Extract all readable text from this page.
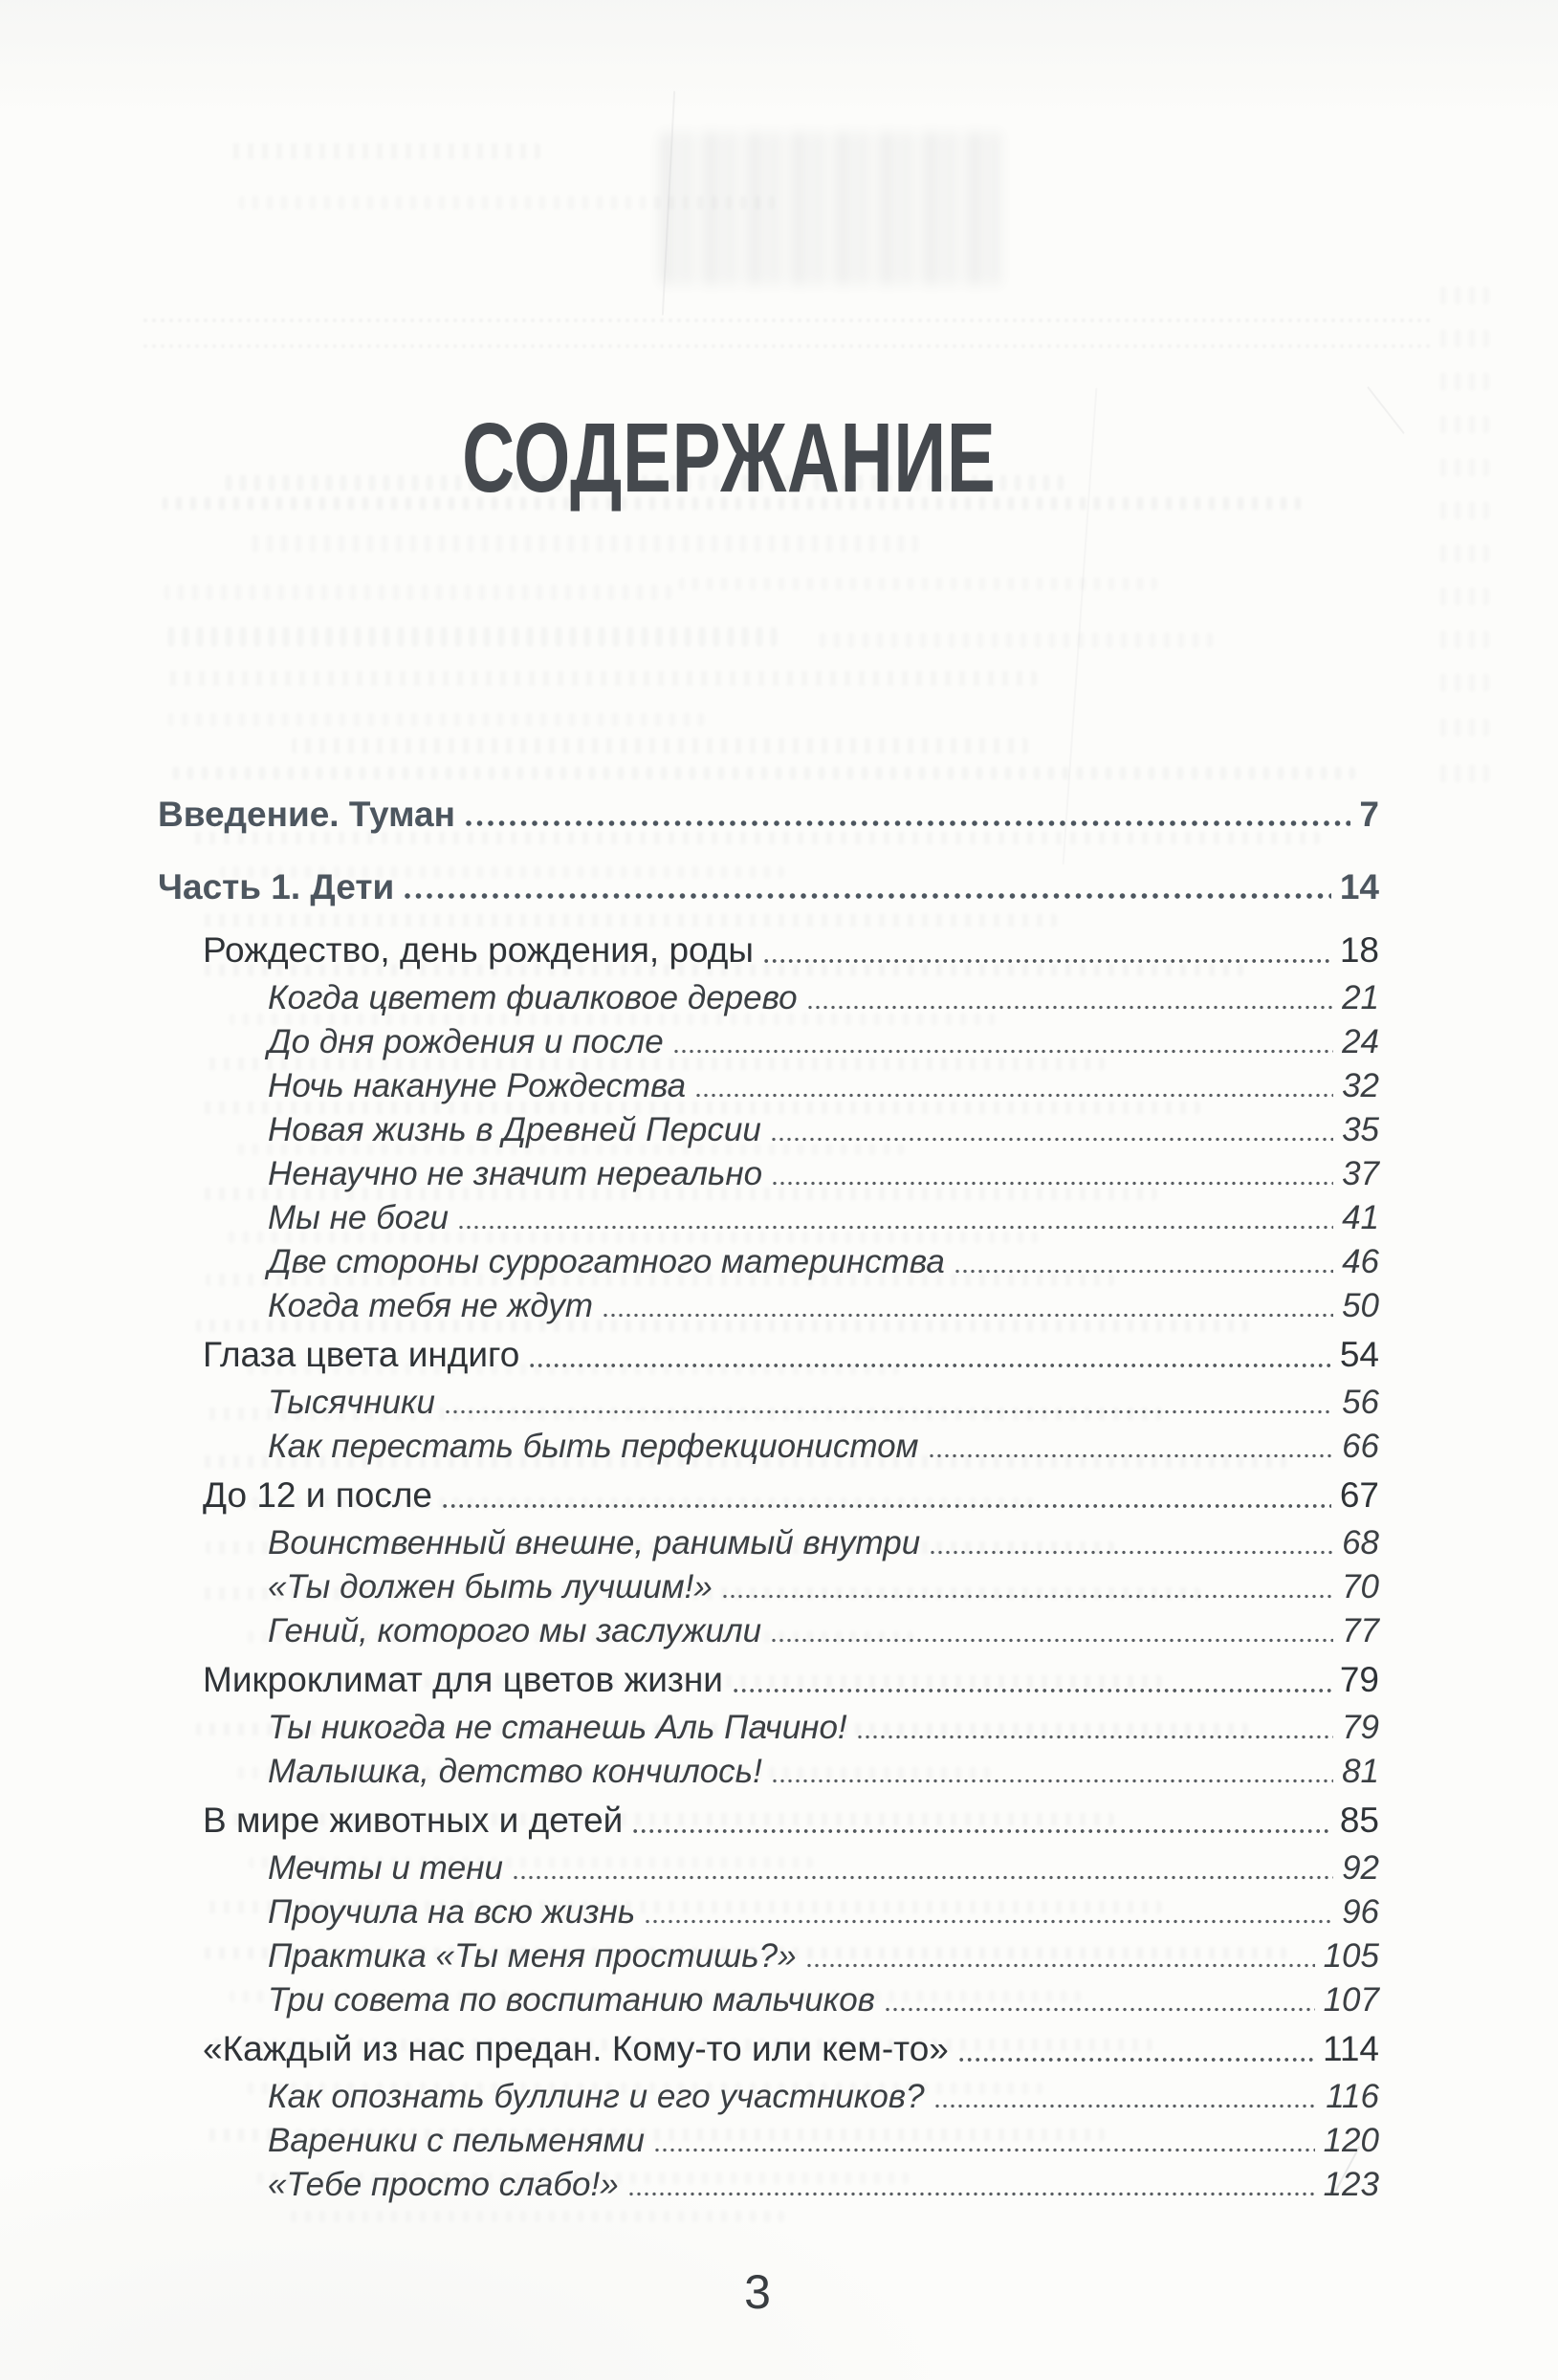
СОДЕРЖАНИЕ
Введение. Туман	7
Часть 1. Дети	14
Рождество, день рождения, роды	18
Когда цветет фиалковое дерево	21
До дня рождения и после	24
Ночь накануне Рождества	32
Новая жизнь в Древней Персии	35
Ненаучно не значит нереально	37
Мы не боги	41
Две стороны суррогатного материнства	46
Когда тебя не ждут	50
Глаза цвета индиго	54
Тысячники	56
Как перестать быть перфекционистом	66
До 12 и после	67
Воинственный внешне, ранимый внутри	68
«Ты должен быть лучшим!»	70
Гений, которого мы заслужили	77
Микроклимат для цветов жизни	79
Ты никогда не станешь Аль Пачино!	79
Малышка, детство кончилось!	81
В мире животных и детей	85
Мечты и тени	92
Проучила на всю жизнь	96
Практика «Ты меня простишь?»	105
Три совета по воспитанию мальчиков	107
«Каждый из нас предан. Кому-то или кем-то»	114
Как опознать буллинг и его участников?	116
Вареники с пельменями	120
«Тебе просто слабо!»	123
3
